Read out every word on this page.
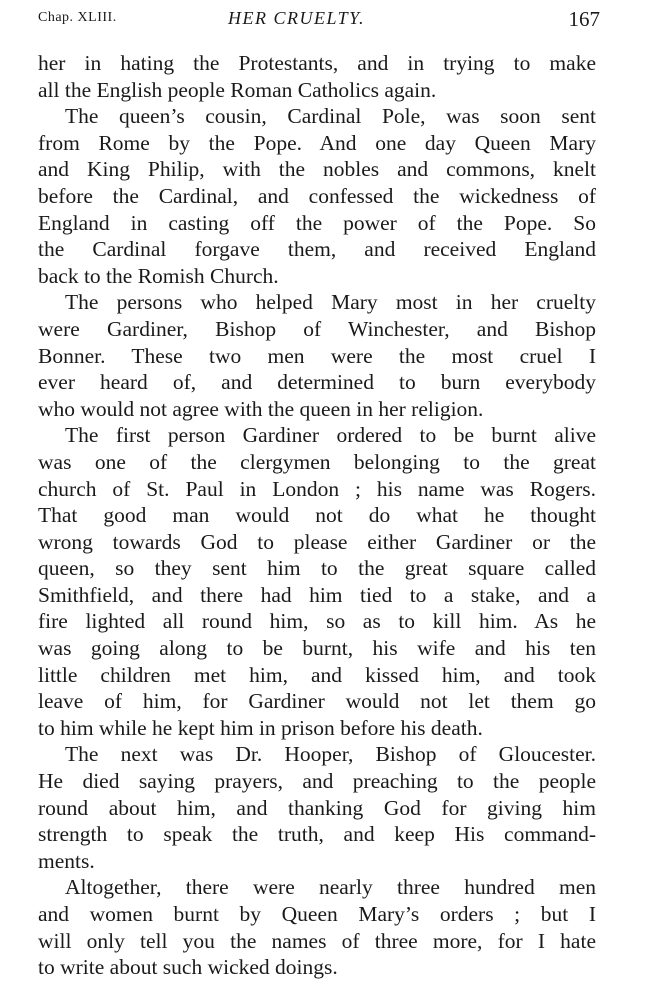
Chap. XLIII.	HER CRUELTY.	167
her in hating the Protestants, and in trying to make
all the English people Roman Catholics again.
The queen’s cousin, Cardinal Pole, was soon sent
from Rome by the Pope. And one day Queen Mary
and King Philip, with the nobles and commons, knelt
before the Cardinal, and confessed the wickedness of
England in casting off the power of the Pope. So
the Cardinal forgave them, and received England
back to the Romish Church.
The persons who helped Mary most in her cruelty
were Gardiner, Bishop of Winchester, and Bishop
Bonner. These two men were the most cruel I
ever heard of, and determined to burn everybody
who would not agree with the queen in her religion.
The first person Gardiner ordered to be burnt alive
was one of the clergymen belonging to the great
church of St. Paul in London ; his name was Rogers.
That good man would not do what he thought
wrong towards God to please either Gardiner or the
queen, so they sent him to the great square called
Smithfield, and there had him tied to a stake, and a
fire lighted all round him, so as to kill him. As he
was going along to be burnt, his wife and his ten
little children met him, and kissed him, and took
leave of him, for Gardiner would not let them go
to him while he kept him in prison before his death.
The next was Dr. Hooper, Bishop of Gloucester.
He died saying prayers, and preaching to the people
round about him, and thanking God for giving him
strength to speak the truth, and keep His command-
ments.
Altogether, there were nearly three hundred men
and women burnt by Queen Mary’s orders ; but I
will only tell you the names of three more, for I hate
to write about such wicked doings.
